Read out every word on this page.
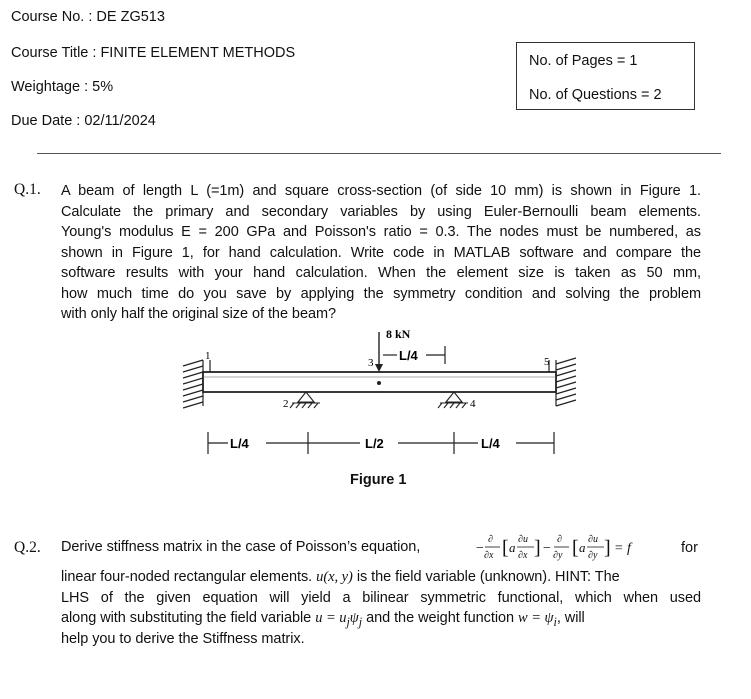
Course No. : DE ZG513
Course Title : FINITE ELEMENT METHODS
Weightage : 5%
Due Date : 02/11/2024
No. of Pages = 1
No. of Questions = 2
Q.1. A beam of length L (=1m) and square cross-section (of side 10 mm) is shown in Figure 1.
Calculate the primary and secondary variables by using Euler-Bernoulli beam elements.
Young's modulus E = 200 GPa and Poisson's ratio = 0.3. The nodes must be numbered, as
shown in Figure 1, for hand calculation. Write code in MATLAB software and compare the
software results with your hand calculation. When the element size is taken as 50 mm,
how much time do you save by applying the symmetry condition and solving the problem
with only half the original size of the beam?
1	5
8 kN
3 L/4
2	4
L/4	L/2	L/4
Figure 1
Q.2. Derive stiffness matrix in the case of Poisson’s equation,	−
∂
∂x [ a
∂u
∂x ] −
∂
∂y [ a
∂u
∂y ] = f	for
linear four-noded rectangular elements. u(x, y) is the field variable (unknown). HINT: The
LHS of the given equation will yield a bilinear symmetric functional, which when used
along with substituting the field variable $u = u_j\psi_j$ and the weight function $w = \psi_i$, will
help you to derive the Stiffness matrix.
